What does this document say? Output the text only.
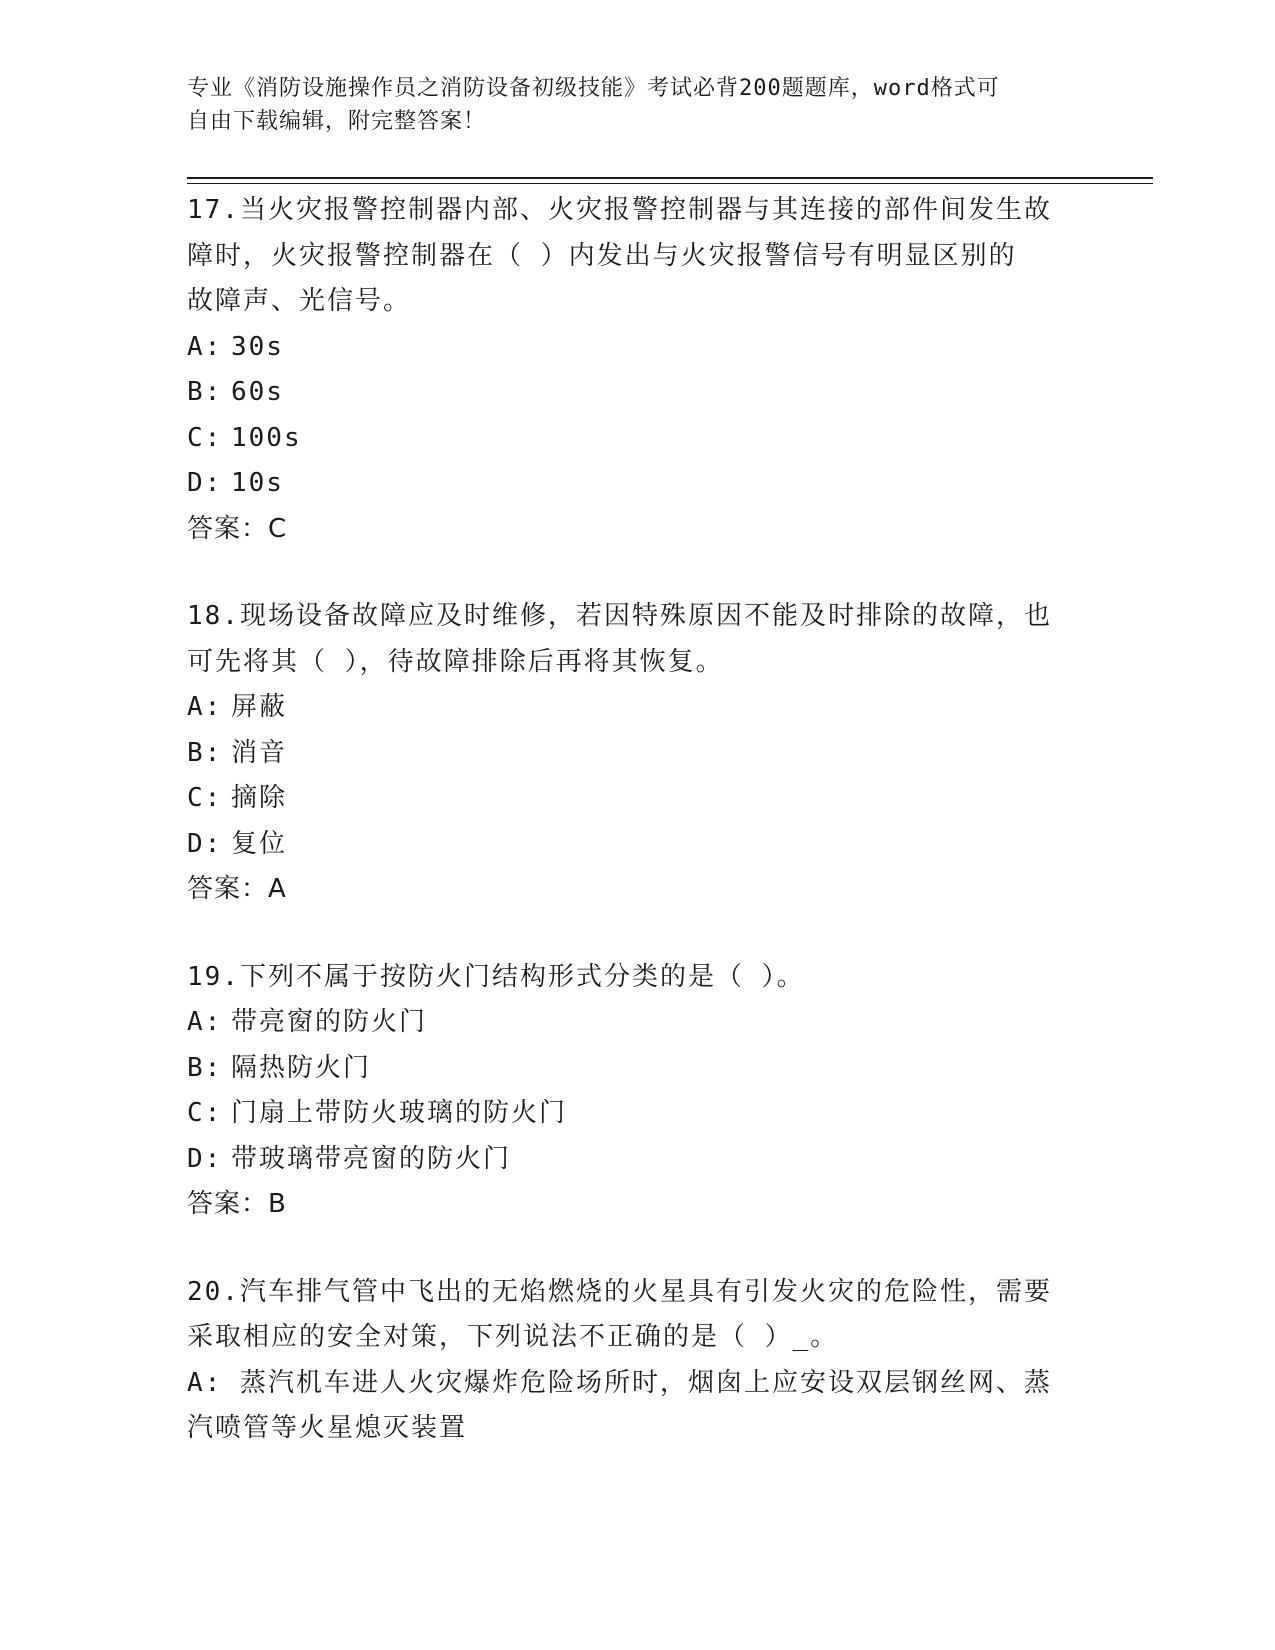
专业《消防设施操作员之消防设备初级技能》考试必背200题题库，word格式可
自由下载编辑，附完整答案！
17.当火灾报警控制器内部、火灾报警控制器与其连接的部件间发生故
障时，火灾报警控制器在（ ）内发出与火灾报警信号有明显区别的
故障声、光信号。
A: 30s
B: 60s
C: 100s
D: 10s
答案：C
18.现场设备故障应及时维修，若因特殊原因不能及时排除的故障，也
可先将其（ ），待故障排除后再将其恢复。
A: 屏蔽
B: 消音
C: 摘除
D: 复位
答案：A
19.下列不属于按防火门结构形式分类的是（ ）。
A: 带亮窗的防火门
B: 隔热防火门
C: 门扇上带防火玻璃的防火门
D: 带玻璃带亮窗的防火门
答案：B
20.汽车排气管中飞出的无焰燃烧的火星具有引发火灾的危险性，需要
采取相应的安全对策，下列说法不正确的是（ ）_。
A: 蒸汽机车进人火灾爆炸危险场所时，烟囱上应安设双层钢丝网、蒸
汽喷管等火星熄灭装置
